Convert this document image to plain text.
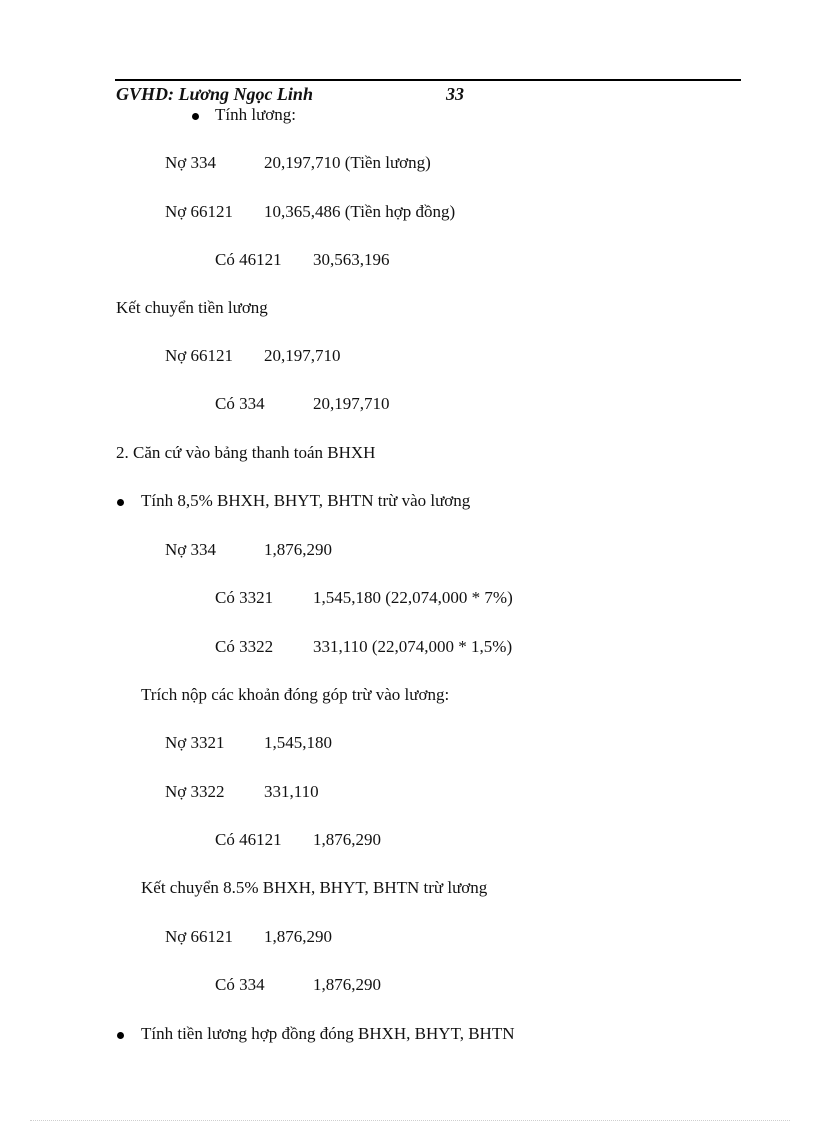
GVHD: Lương Ngọc Linh	33
Tính lương:
Nợ 334	20,197,710 (Tiền lương)
Nợ 66121 10,365,486 (Tiền hợp đồng)
Có 46121 30,563,196
Kết chuyển tiền lương
Nợ 66121 20,197,710
Có 334	20,197,710
2. Căn cứ vào bảng thanh toán BHXH
Tính 8,5% BHXH, BHYT, BHTN trừ vào lương
Nợ 334	1,876,290
Có 3321 1,545,180 (22,074,000 * 7%)
Có 3322 331,110 (22,074,000 * 1,5%)
Trích nộp các khoản đóng góp trừ vào lương:
Nợ 3321 1,545,180
Nợ 3322 331,110
Có 46121 1,876,290
Kết chuyển 8.5% BHXH, BHYT, BHTN trừ lương
Nợ 66121 1,876,290
Có 334	1,876,290
Tính tiền lương hợp đồng đóng BHXH, BHYT, BHTN
